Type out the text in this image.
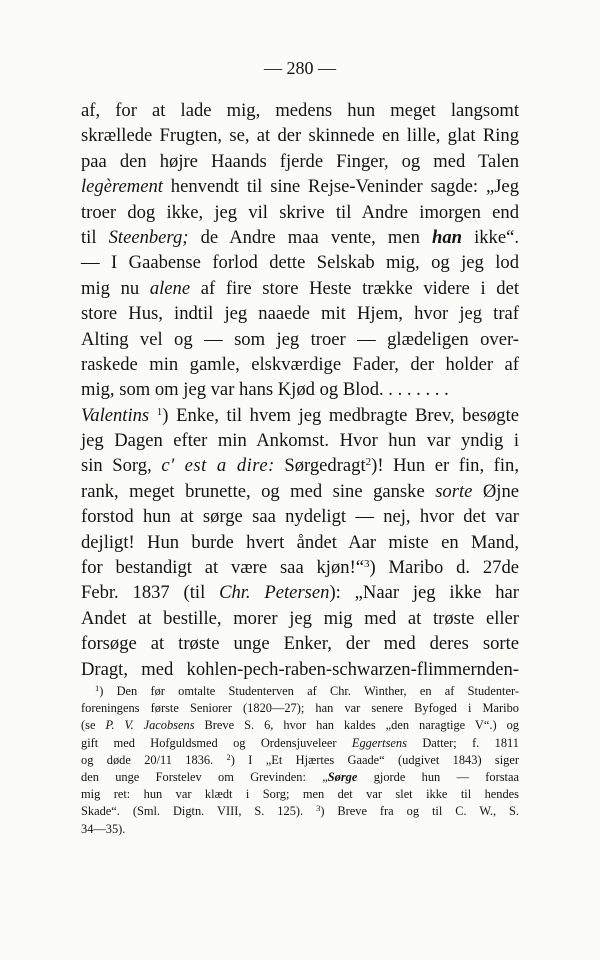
— 280 —
af, for at lade mig, medens hun meget langsomt
skrællede Frugten, se, at der skinnede en lille, glat Ring
paa den højre Haands fjerde Finger, og med Talen
legèrement henvendt til sine Rejse-Veninder sagde: „Jeg
troer dog ikke, jeg vil skrive til Andre imorgen end
til Steenberg; de Andre maa vente, men han ikke“.
— I Gaabense forlod dette Selskab mig, og jeg lod
mig nu alene af fire store Heste trække videre i det
store Hus, indtil jeg naaede mit Hjem, hvor jeg traf
Alting vel og — som jeg troer — glædeligen over-
raskede min gamle, elskværdige Fader, der holder af
mig, som om jeg var hans Kjød og Blod. . . . . . . .
Valentins $^1$) Enke, til hvem jeg medbragte Brev, besøgte
jeg Dagen efter min Ankomst. Hvor hun var yndig i
sin Sorg, c' est a dire: Sørgedragt$^2$)! Hun er fin, fin,
rank, meget brunette, og med sine ganske sorte Øjne
forstod hun at sørge saa nydeligt — nej, hvor det var
dejligt! Hun burde hvert åndet Aar miste en Mand,
for bestandigt at være saa kjøn!“$^3$) Maribo d. 27de
Febr. 1837 (til Chr. Petersen): „Naar jeg ikke har
Andet at bestille, morer jeg mig med at trøste eller
forsøge at trøste unge Enker, der med deres sorte
Dragt, med kohlen-pech-raben-schwarzen-flimmernden-
$^1$) Den før omtalte Studenterven af Chr. Winther, en af Studenter-
foreningens første Seniorer (1820—27); han var senere Byfoged i Maribo
(se P. V. Jacobsens Breve S. 6, hvor han kaldes „den naragtige V“.) og
gift med Hofguldsmed og Ordensjuveleer Eggertsens Datter; f. 1811
og døde 20/11 1836. $^2$) I „Et Hjærtes Gaade“ (udgivet 1843) siger
den unge Forstelev om Grevinden: „Sørge gjorde hun — forstaa
mig ret: hun var klædt i Sorg; men det var slet ikke til hendes
Skade“. (Sml. Digtn. VIII, S. 125). $^3$) Breve fra og til C. W., S.
34—35).
